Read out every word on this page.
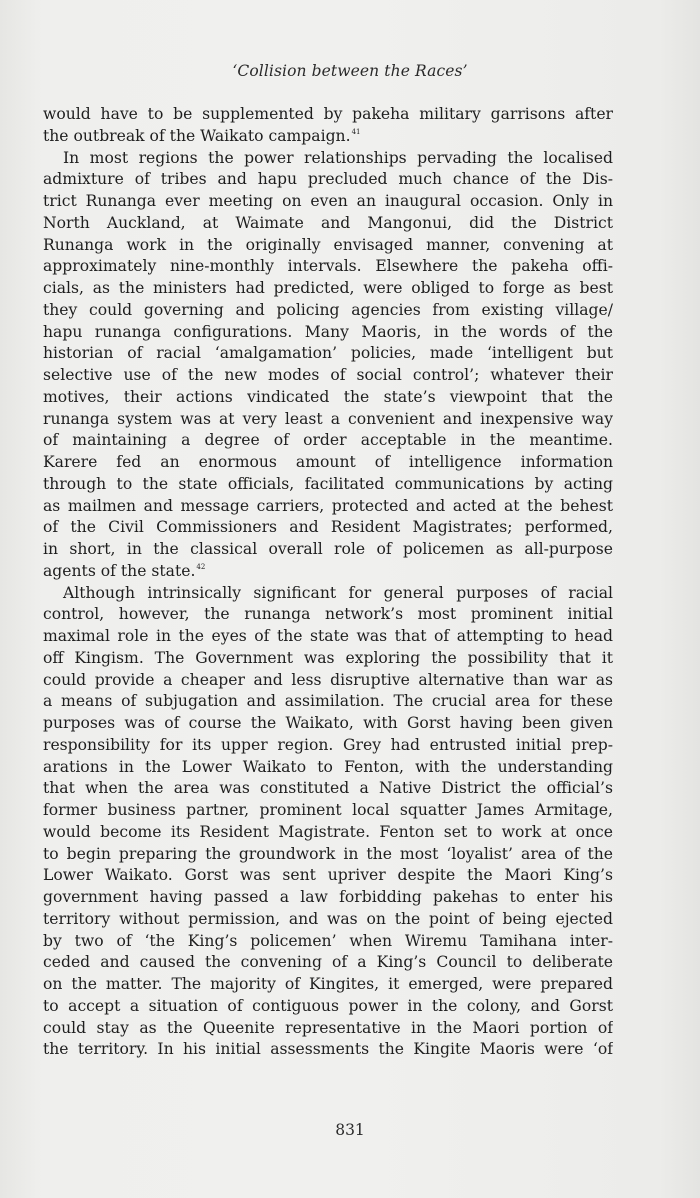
‘Collision between the Races’
would have to be supplemented by pakeha military garrisons after
the outbreak of the Waikato campaign.$^{41}$
In most regions the power relationships pervading the localised
admixture of tribes and hapu precluded much chance of the Dis-
trict Runanga ever meeting on even an inaugural occasion. Only in
North Auckland, at Waimate and Mangonui, did the District
Runanga work in the originally envisaged manner, convening at
approximately nine-monthly intervals. Elsewhere the pakeha offi-
cials, as the ministers had predicted, were obliged to forge as best
they could governing and policing agencies from existing village/
hapu runanga configurations. Many Maoris, in the words of the
historian of racial ‘amalgamation’ policies, made ‘intelligent but
selective use of the new modes of social control’; whatever their
motives, their actions vindicated the state’s viewpoint that the
runanga system was at very least a convenient and inexpensive way
of maintaining a degree of order acceptable in the meantime.
Karere fed an enormous amount of intelligence information
through to the state officials, facilitated communications by acting
as mailmen and message carriers, protected and acted at the behest
of the Civil Commissioners and Resident Magistrates; performed,
in short, in the classical overall role of policemen as all-purpose
agents of the state.$^{42}$
Although intrinsically significant for general purposes of racial
control, however, the runanga network’s most prominent initial
maximal role in the eyes of the state was that of attempting to head
off Kingism. The Government was exploring the possibility that it
could provide a cheaper and less disruptive alternative than war as
a means of subjugation and assimilation. The crucial area for these
purposes was of course the Waikato, with Gorst having been given
responsibility for its upper region. Grey had entrusted initial prep-
arations in the Lower Waikato to Fenton, with the understanding
that when the area was constituted a Native District the official’s
former business partner, prominent local squatter James Armitage,
would become its Resident Magistrate. Fenton set to work at once
to begin preparing the groundwork in the most ‘loyalist’ area of the
Lower Waikato. Gorst was sent upriver despite the Maori King’s
government having passed a law forbidding pakehas to enter his
territory without permission, and was on the point of being ejected
by two of ‘the King’s policemen’ when Wiremu Tamihana inter-
ceded and caused the convening of a King’s Council to deliberate
on the matter. The majority of Kingites, it emerged, were prepared
to accept a situation of contiguous power in the colony, and Gorst
could stay as the Queenite representative in the Maori portion of
the territory. In his initial assessments the Kingite Maoris were ‘of
831
